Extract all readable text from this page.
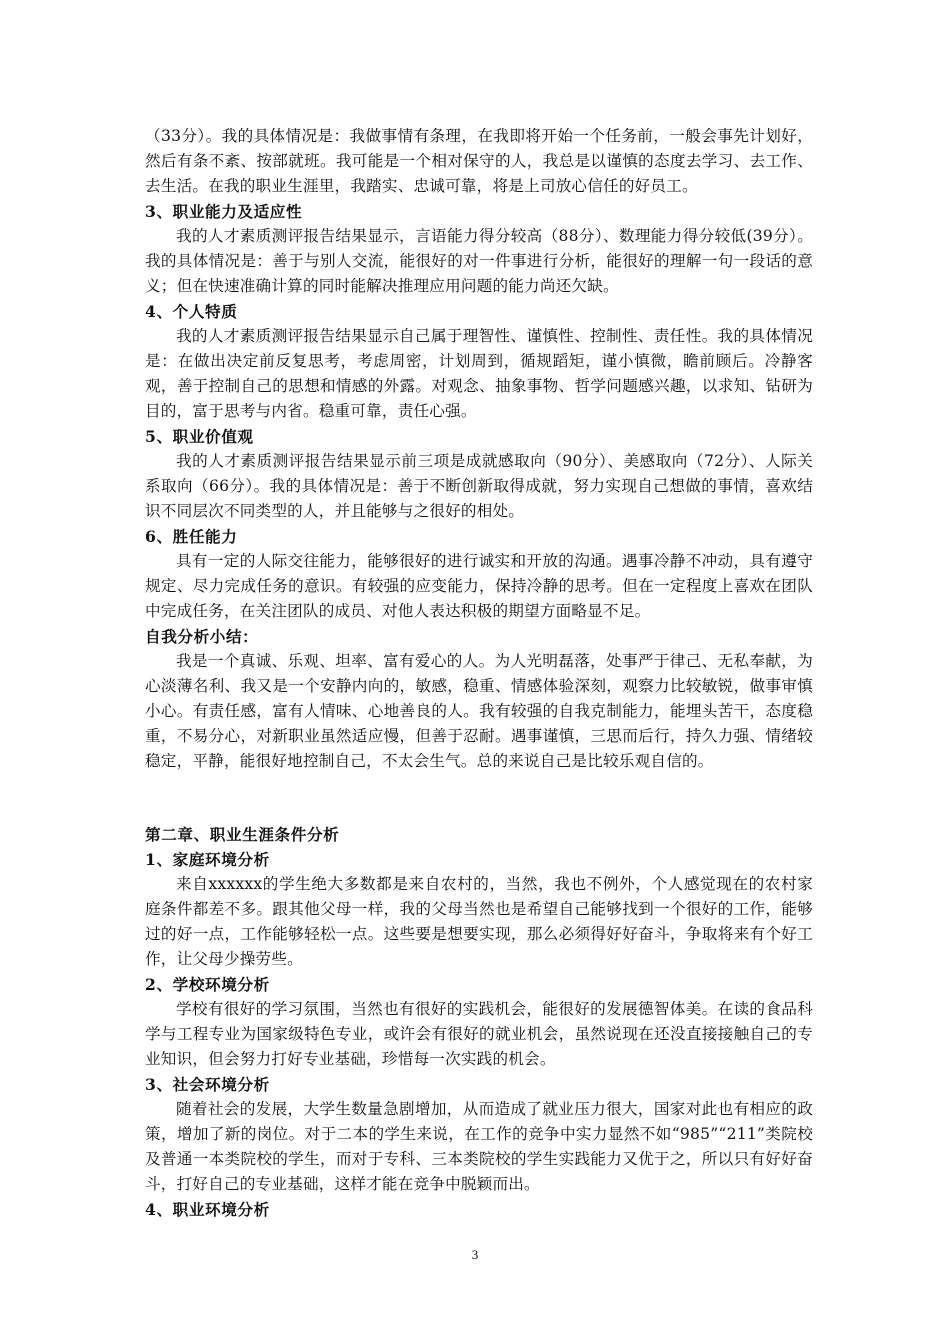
（33分）。我的具体情况是：我做事情有条理，在我即将开始一个任务前，一般会事先计划好，然后有条不紊、按部就班。我可能是一个相对保守的人，我总是以谨慎的态度去学习、去工作、去生活。在我的职业生涯里，我踏实、忠诚可靠，将是上司放心信任的好员工。

3、职业能力及适应性

我的人才素质测评报告结果显示，言语能力得分较高（88分）、数理能力得分较低(39分）。我的具体情况是：善于与别人交流，能很好的对一件事进行分析，能很好的理解一句一段话的意义；但在快速准确计算的同时能解决推理应用问题的能力尚还欠缺。

4、个人特质

我的人才素质测评报告结果显示自己属于理智性、谨慎性、控制性、责任性。我的具体情况是：在做出决定前反复思考，考虑周密，计划周到，循规蹈矩，谨小慎微，瞻前顾后。冷静客观，善于控制自己的思想和情感的外露。对观念、抽象事物、哲学问题感兴趣，以求知、钻研为目的，富于思考与内省。稳重可靠，责任心强。

5、职业价值观

我的人才素质测评报告结果显示前三项是成就感取向（90分）、美感取向（72分）、人际关系取向（66分）。我的具体情况是：善于不断创新取得成就，努力实现自己想做的事情，喜欢结识不同层次不同类型的人，并且能够与之很好的相处。

6、胜任能力

具有一定的人际交往能力，能够很好的进行诚实和开放的沟通。遇事冷静不冲动，具有遵守规定、尽力完成任务的意识。有较强的应变能力，保持冷静的思考。但在一定程度上喜欢在团队中完成任务，在关注团队的成员、对他人表达积极的期望方面略显不足。

自我分析小结：

我是一个真诚、乐观、坦率、富有爱心的人。为人光明磊落，处事严于律己、无私奉献，为心淡薄名利、我又是一个安静内向的，敏感，稳重、情感体验深刻，观察力比较敏锐，做事审慎小心。有责任感，富有人情味、心地善良的人。我有较强的自我克制能力，能埋头苦干，态度稳重，不易分心，对新职业虽然适应慢，但善于忍耐。遇事谨慎，三思而后行，持久力强、情绪较稳定，平静，能很好地控制自己，不太会生气。总的来说自己是比较乐观自信的。

第二章、职业生涯条件分析
1、家庭环境分析

来自xxxxxx的学生绝大多数都是来自农村的，当然，我也不例外，个人感觉现在的农村家庭条件都差不多。跟其他父母一样，我的父母当然也是希望自己能够找到一个很好的工作，能够过的好一点，工作能够轻松一点。这些要是想要实现，那么必须得好好奋斗，争取将来有个好工作，让父母少操劳些。

2、学校环境分析

学校有很好的学习氛围，当然也有很好的实践机会，能很好的发展德智体美。在读的食品科学与工程专业为国家级特色专业，或许会有很好的就业机会，虽然说现在还没直接接触自己的专业知识，但会努力打好专业基础，珍惜每一次实践的机会。

3、社会环境分析

随着社会的发展，大学生数量急剧增加，从而造成了就业压力很大，国家对此也有相应的政策，增加了新的岗位。对于二本的学生来说，在工作的竞争中实力显然不如“985”“211”类院校及普通一本类院校的学生，而对于专科、三本类院校的学生实践能力又优于之，所以只有好好奋斗，打好自己的专业基础，这样才能在竞争中脱颖而出。

4、职业环境分析
3
